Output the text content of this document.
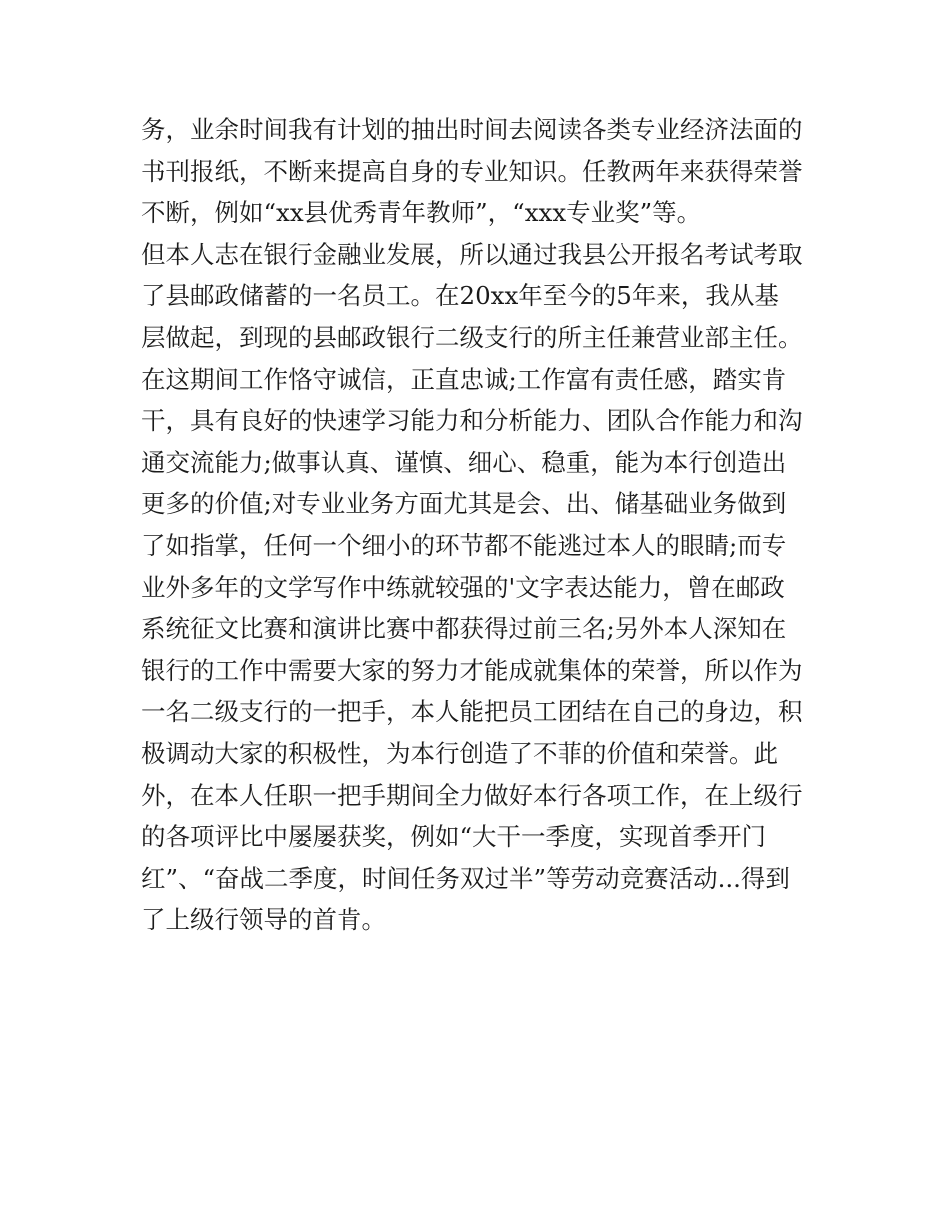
务，业余时间我有计划的抽出时间去阅读各类专业经济法面的
书刊报纸，不断来提高自身的专业知识。任教两年来获得荣誉
不断，例如“xx县优秀青年教师”，“xxx专业奖”等。
但本人志在银行金融业发展，所以通过我县公开报名考试考取
了县邮政储蓄的一名员工。在20xx年至今的5年来，我从基
层做起，到现的县邮政银行二级支行的所主任兼营业部主任。
在这期间工作恪守诚信，正直忠诚;工作富有责任感，踏实肯
干，具有良好的快速学习能力和分析能力、团队合作能力和沟
通交流能力;做事认真、谨慎、细心、稳重，能为本行创造出
更多的价值;对专业业务方面尤其是会、出、储基础业务做到
了如指掌，任何一个细小的环节都不能逃过本人的眼睛;而专
业外多年的文学写作中练就较强的'文字表达能力，曾在邮政
系统征文比赛和演讲比赛中都获得过前三名;另外本人深知在
银行的工作中需要大家的努力才能成就集体的荣誉，所以作为
一名二级支行的一把手，本人能把员工团结在自己的身边，积
极调动大家的积极性，为本行创造了不菲的价值和荣誉。此
外，在本人任职一把手期间全力做好本行各项工作，在上级行
的各项评比中屡屡获奖，例如“大干一季度，实现首季开门
红”、“奋战二季度，时间任务双过半”等劳动竞赛活动...得到
了上级行领导的首肯。
